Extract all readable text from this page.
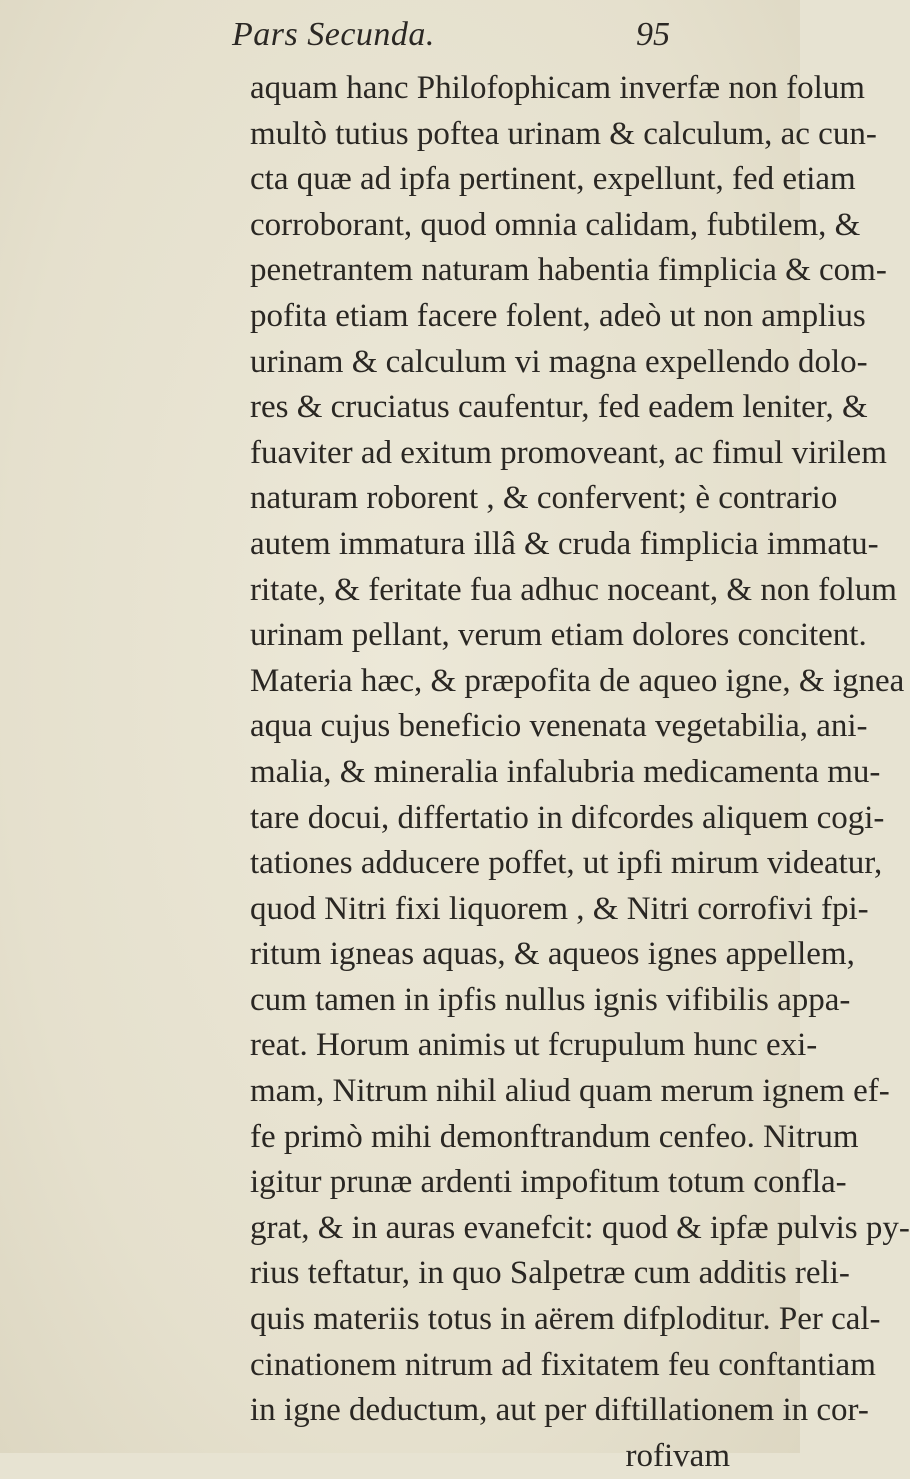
Pars Secunda.	95
aquam hanc Philofophicam inverfæ non folum
multò tutius poftea urinam & calculum, ac cun-
cta quæ ad ipfa pertinent, expellunt, fed etiam
corroborant, quod omnia calidam, fubtilem, &
penetrantem naturam habentia fimplicia & com-
pofita etiam facere folent, adeò ut non amplius
urinam & calculum vi magna expellendo dolo-
res & cruciatus caufentur, fed eadem leniter, &
fuaviter ad exitum promoveant, ac fimul virilem
naturam roborent , & confervent; è contrario
autem immatura illâ & cruda fimplicia immatu-
ritate, & feritate fua adhuc noceant, & non folum
urinam pellant, verum etiam dolores concitent.
Materia hæc, & præpofita de aqueo igne, & ignea
aqua cujus beneficio venenata vegetabilia, ani-
malia, & mineralia infalubria medicamenta mu-
tare docui, differtatio in difcordes aliquem cogi-
tationes adducere poffet, ut ipfi mirum videatur,
quod Nitri fixi liquorem , & Nitri corrofivi fpi-
ritum igneas aquas, & aqueos ignes appellem,
cum tamen in ipfis nullus ignis vifibilis appa-
reat. Horum animis ut fcrupulum hunc exi-
mam, Nitrum nihil aliud quam merum ignem ef-
fe primò mihi demonftrandum cenfeo. Nitrum
igitur prunæ ardenti impofitum totum confla-
grat, & in auras evanefcit: quod & ipfæ pulvis py-
rius teftatur, in quo Salpetræ cum additis reli-
quis materiis totus in aërem difploditur. Per cal-
cinationem nitrum ad fixitatem feu conftantiam
in igne deductum, aut per diftillationem in cor-
rofivam
